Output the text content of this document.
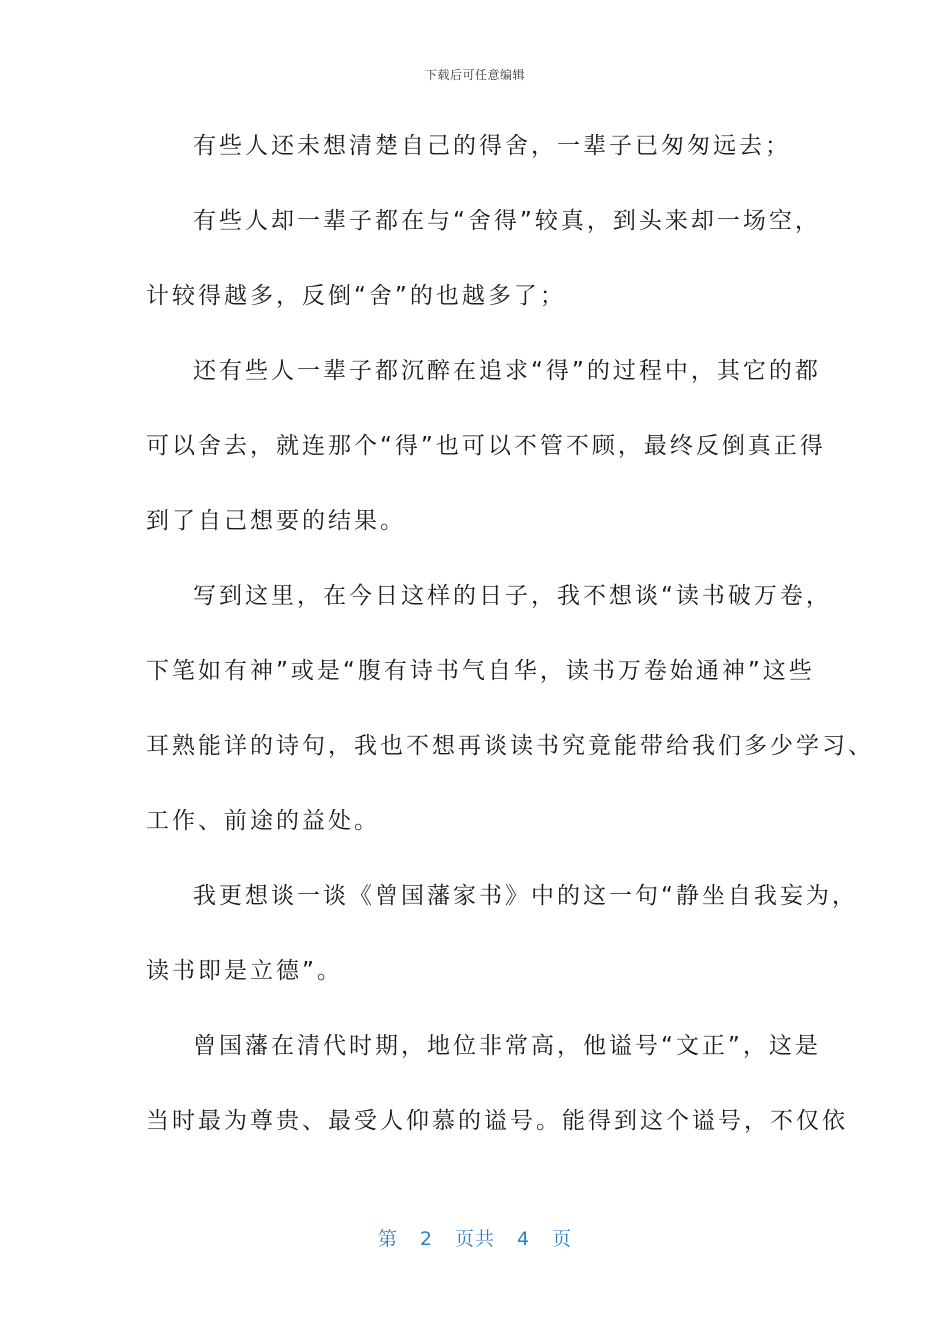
下载后可任意编辑
有些人还未想清楚自己的得舍，一辈子已匆匆远去；
有些人却一辈子都在与“舍得”较真，到头来却一场空，
计较得越多，反倒“舍”的也越多了；
还有些人一辈子都沉醉在追求“得”的过程中，其它的都
可以舍去，就连那个“得”也可以不管不顾，最终反倒真正得
到了自己想要的结果。
写到这里，在今日这样的日子，我不想谈“读书破万卷，
下笔如有神”或是“腹有诗书气自华，读书万卷始通神”这些
耳熟能详的诗句，我也不想再谈读书究竟能带给我们多少学习、
工作、前途的益处。
我更想谈一谈《曾国藩家书》中的这一句“静坐自我妄为，
读书即是立德”。
曾国藩在清代时期，地位非常高，他谥号“文正”，这是
当时最为尊贵、最受人仰慕的谥号。能得到这个谥号，不仅依
第 2 页共 4 页
